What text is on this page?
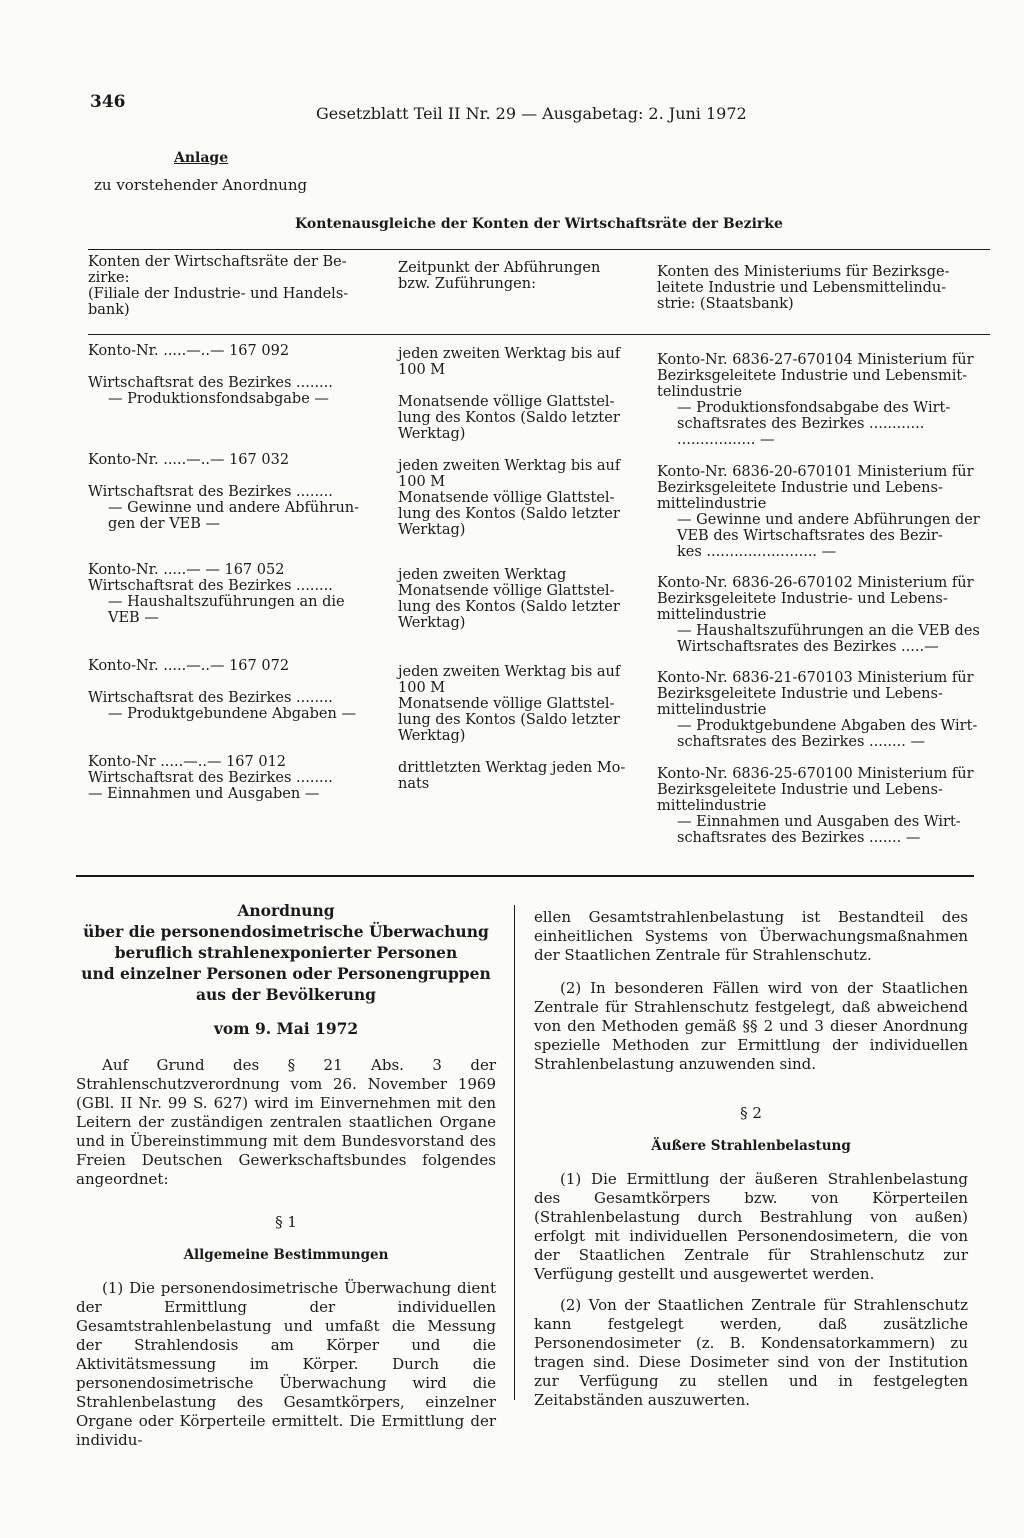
346
Gesetzblatt Teil II Nr. 29 — Ausgabetag: 2. Juni 1972
Anlage
zu vorstehender Anordnung
Kontenausgleiche der Konten der Wirtschaftsräte der Bezirke
Konten der Wirtschaftsräte der Be-
zirke:
(Filiale der Industrie- und Handels-
bank)
Zeitpunkt der Abführungen
bzw. Zuführungen:
Konten des Ministeriums für Bezirksge-
leitete Industrie und Lebensmittelindu-
strie: (Staatsbank)
Konto-Nr. .....—..— 167 092
Wirtschaftsrat des Bezirkes ........
— Produktionsfondsabgabe —
jeden zweiten Werktag bis auf
100 M
Monatsende völlige Glattstel-
lung des Kontos (Saldo letzter
Werktag)
Konto-Nr. 6836-27-670104 Ministerium für
Bezirksgeleitete Industrie und Lebensmit-
telindustrie
— Produktionsfondsabgabe des Wirt-
schaftsrates des Bezirkes ............
................. —
Konto-Nr. .....—..— 167 032
Wirtschaftsrat des Bezirkes ........
— Gewinne und andere Abführun-
gen der VEB —
jeden zweiten Werktag bis auf
100 M
Monatsende völlige Glattstel-
lung des Kontos (Saldo letzter
Werktag)
Konto-Nr. 6836-20-670101 Ministerium für
Bezirksgeleitete Industrie und Lebens-
mittelindustrie
— Gewinne und andere Abführungen der
VEB des Wirtschaftsrates des Bezir-
kes ........................ —
Konto-Nr. .....— — 167 052
Wirtschaftsrat des Bezirkes ........
— Haushaltszuführungen an die
VEB —
jeden zweiten Werktag
Monatsende völlige Glattstel-
lung des Kontos (Saldo letzter
Werktag)
Konto-Nr. 6836-26-670102 Ministerium für
Bezirksgeleitete Industrie- und Lebens-
mittelindustrie
— Haushaltszuführungen an die VEB des
Wirtschaftsrates des Bezirkes .....—
Konto-Nr. .....—..— 167 072
Wirtschaftsrat des Bezirkes ........
— Produktgebundene Abgaben —
jeden zweiten Werktag bis auf
100 M
Monatsende völlige Glattstel-
lung des Kontos (Saldo letzter
Werktag)
Konto-Nr. 6836-21-670103 Ministerium für
Bezirksgeleitete Industrie und Lebens-
mittelindustrie
— Produktgebundene Abgaben des Wirt-
schaftsrates des Bezirkes ........ —
Konto-Nr .....—..— 167 012
Wirtschaftsrat des Bezirkes ........
— Einnahmen und Ausgaben —
drittletzten Werktag jeden Mo-
nats
Konto-Nr. 6836-25-670100 Ministerium für
Bezirksgeleitete Industrie und Lebens-
mittelindustrie
— Einnahmen und Ausgaben des Wirt-
schaftsrates des Bezirkes ....... —
Anordnung
über die personendosimetrische Überwachung
beruflich strahlenexponierter Personen
und einzelner Personen oder Personengruppen
aus der Bevölkerung
vom 9. Mai 1972

Auf Grund des § 21 Abs. 3 der Strahlenschutzverordnung vom 26. November 1969 (GBl. II Nr. 99 S. 627) wird im Einvernehmen mit den Leitern der zuständigen zentralen staatlichen Organe und in Übereinstimmung mit dem Bundesvorstand des Freien Deutschen Gewerkschaftsbundes folgendes angeordnet:

§ 1
Allgemeine Bestimmungen

(1) Die personendosimetrische Überwachung dient der Ermittlung der individuellen Gesamtstrahlenbelastung und umfaßt die Messung der Strahlendosis am Körper und die Aktivitätsmessung im Körper. Durch die personendosimetrische Überwachung wird die Strahlenbelastung des Gesamtkörpers, einzelner Organe oder Körperteile ermittelt. Die Ermittlung der individu-

ellen Gesamtstrahlenbelastung ist Bestandteil des einheitlichen Systems von Überwachungsmaßnahmen der Staatlichen Zentrale für Strahlenschutz.

(2) In besonderen Fällen wird von der Staatlichen Zentrale für Strahlenschutz festgelegt, daß abweichend von den Methoden gemäß §§ 2 und 3 dieser Anordnung spezielle Methoden zur Ermittlung der individuellen Strahlenbelastung anzuwenden sind.

§ 2
Äußere Strahlenbelastung

(1) Die Ermittlung der äußeren Strahlenbelastung des Gesamtkörpers bzw. von Körperteilen (Strahlenbelastung durch Bestrahlung von außen) erfolgt mit individuellen Personendosimetern, die von der Staatlichen Zentrale für Strahlenschutz zur Verfügung gestellt und ausgewertet werden.

(2) Von der Staatlichen Zentrale für Strahlenschutz kann festgelegt werden, daß zusätzliche Personendosimeter (z. B. Kondensatorkammern) zu tragen sind. Diese Dosimeter sind von der Institution zur Verfügung zu stellen und in festgelegten Zeitabständen auszuwerten.
